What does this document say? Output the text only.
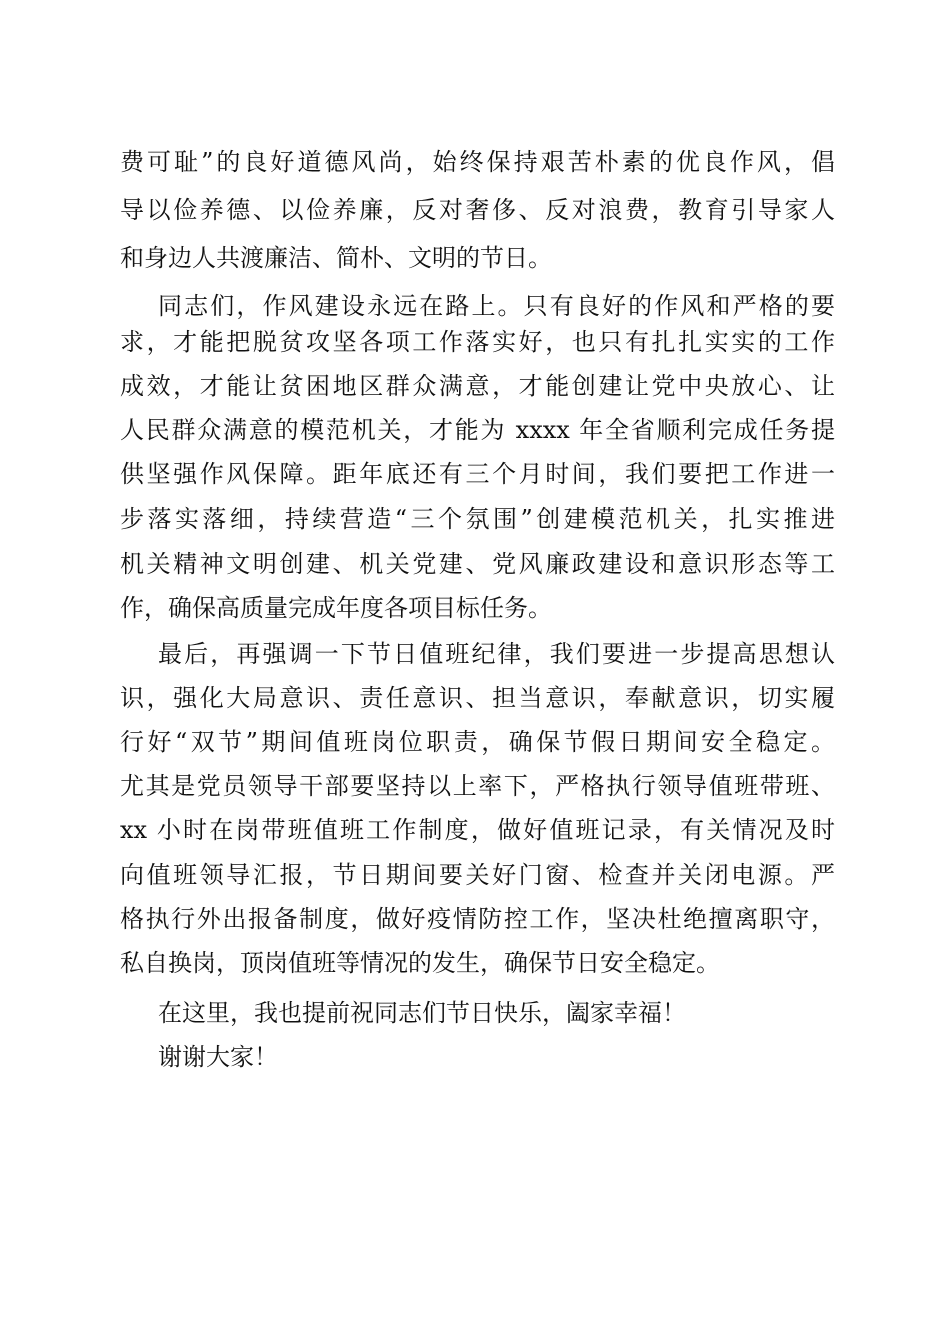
费可耻”的良好道德风尚，始终保持艰苦朴素的优良作风，倡
导以俭养德、以俭养廉，反对奢侈、反对浪费，教育引导家人
和身边人共渡廉洁、简朴、文明的节日。
同志们，作风建设永远在路上。只有良好的作风和严格的要
求，才能把脱贫攻坚各项工作落实好，也只有扎扎实实的工作
成效，才能让贫困地区群众满意，才能创建让党中央放心、让
人民群众满意的模范机关，才能为 xxxx 年全省顺利完成任务提
供坚强作风保障。距年底还有三个月时间，我们要把工作进一
步落实落细，持续营造“三个氛围”创建模范机关，扎实推进
机关精神文明创建、机关党建、党风廉政建设和意识形态等工
作，确保高质量完成年度各项目标任务。
最后，再强调一下节日值班纪律，我们要进一步提高思想认
识，强化大局意识、责任意识、担当意识，奉献意识，切实履
行好“双节”期间值班岗位职责，确保节假日期间安全稳定。
尤其是党员领导干部要坚持以上率下，严格执行领导值班带班、
xx 小时在岗带班值班工作制度，做好值班记录，有关情况及时
向值班领导汇报，节日期间要关好门窗、检查并关闭电源。严
格执行外出报备制度，做好疫情防控工作，坚决杜绝擅离职守，
私自换岗，顶岗值班等情况的发生，确保节日安全稳定。
在这里，我也提前祝同志们节日快乐，阖家幸福！
谢谢大家！
